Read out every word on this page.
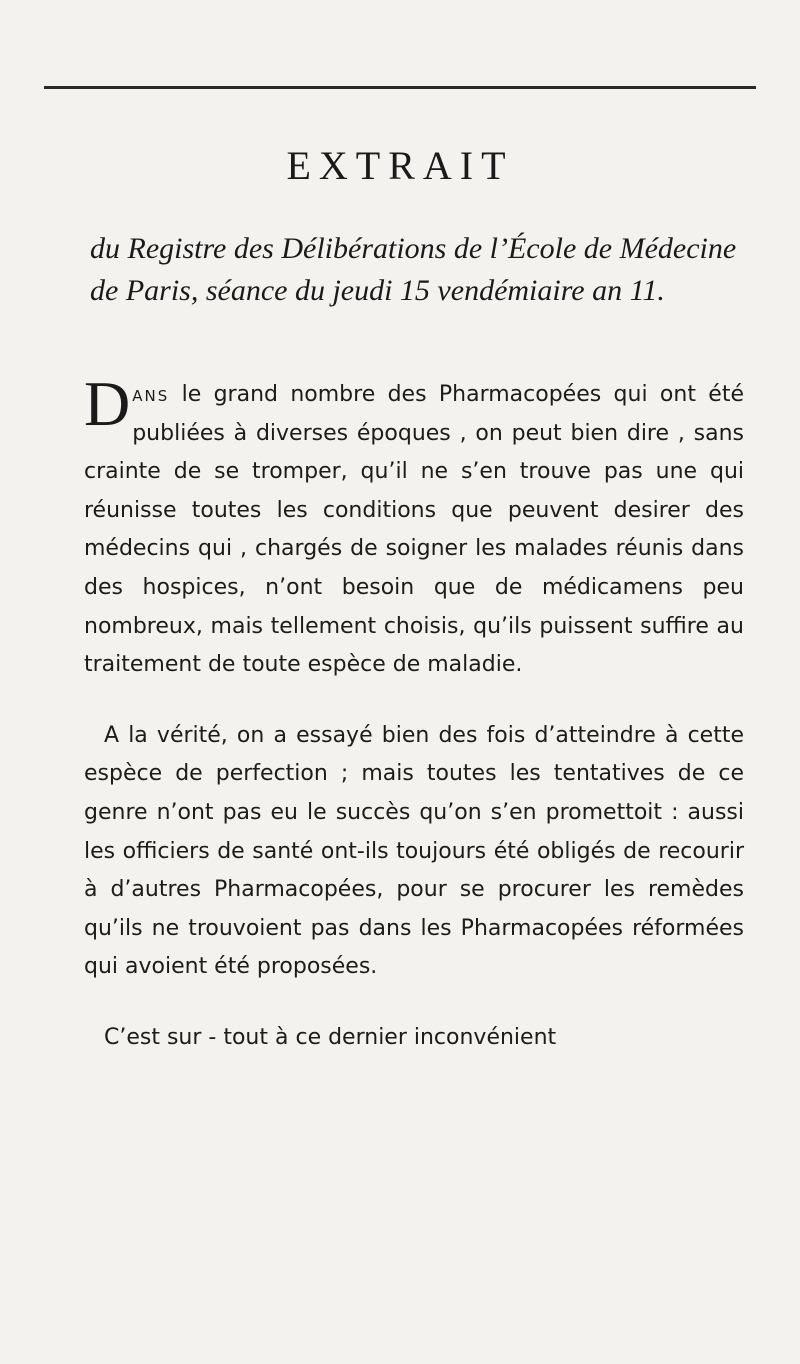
EXTRAIT

du Registre des Délibérations de l’École de Médecine de Paris, séance du jeudi 15 vendémiaire an 11.

Dans le grand nombre des Pharmacopées qui ont été publiées à diverses époques , on peut bien dire , sans crainte de se tromper, qu’il ne s’en trouve pas une qui réunisse toutes les conditions que peuvent desirer des médecins qui , chargés de soigner les malades réunis dans des hospices, n’ont besoin que de médicamens peu nombreux, mais tellement choisis, qu’ils puissent suffire au traitement de toute espèce de maladie.

A la vérité, on a essayé bien des fois d’atteindre à cette espèce de perfection ; mais toutes les tentatives de ce genre n’ont pas eu le succès qu’on s’en promettoit : aussi les officiers de santé ont-ils toujours été obligés de recourir à d’autres Pharmacopées, pour se procurer les remèdes qu’ils ne trouvoient pas dans les Pharmacopées réformées qui avoient été proposées.

C’est sur - tout à ce dernier inconvénient
